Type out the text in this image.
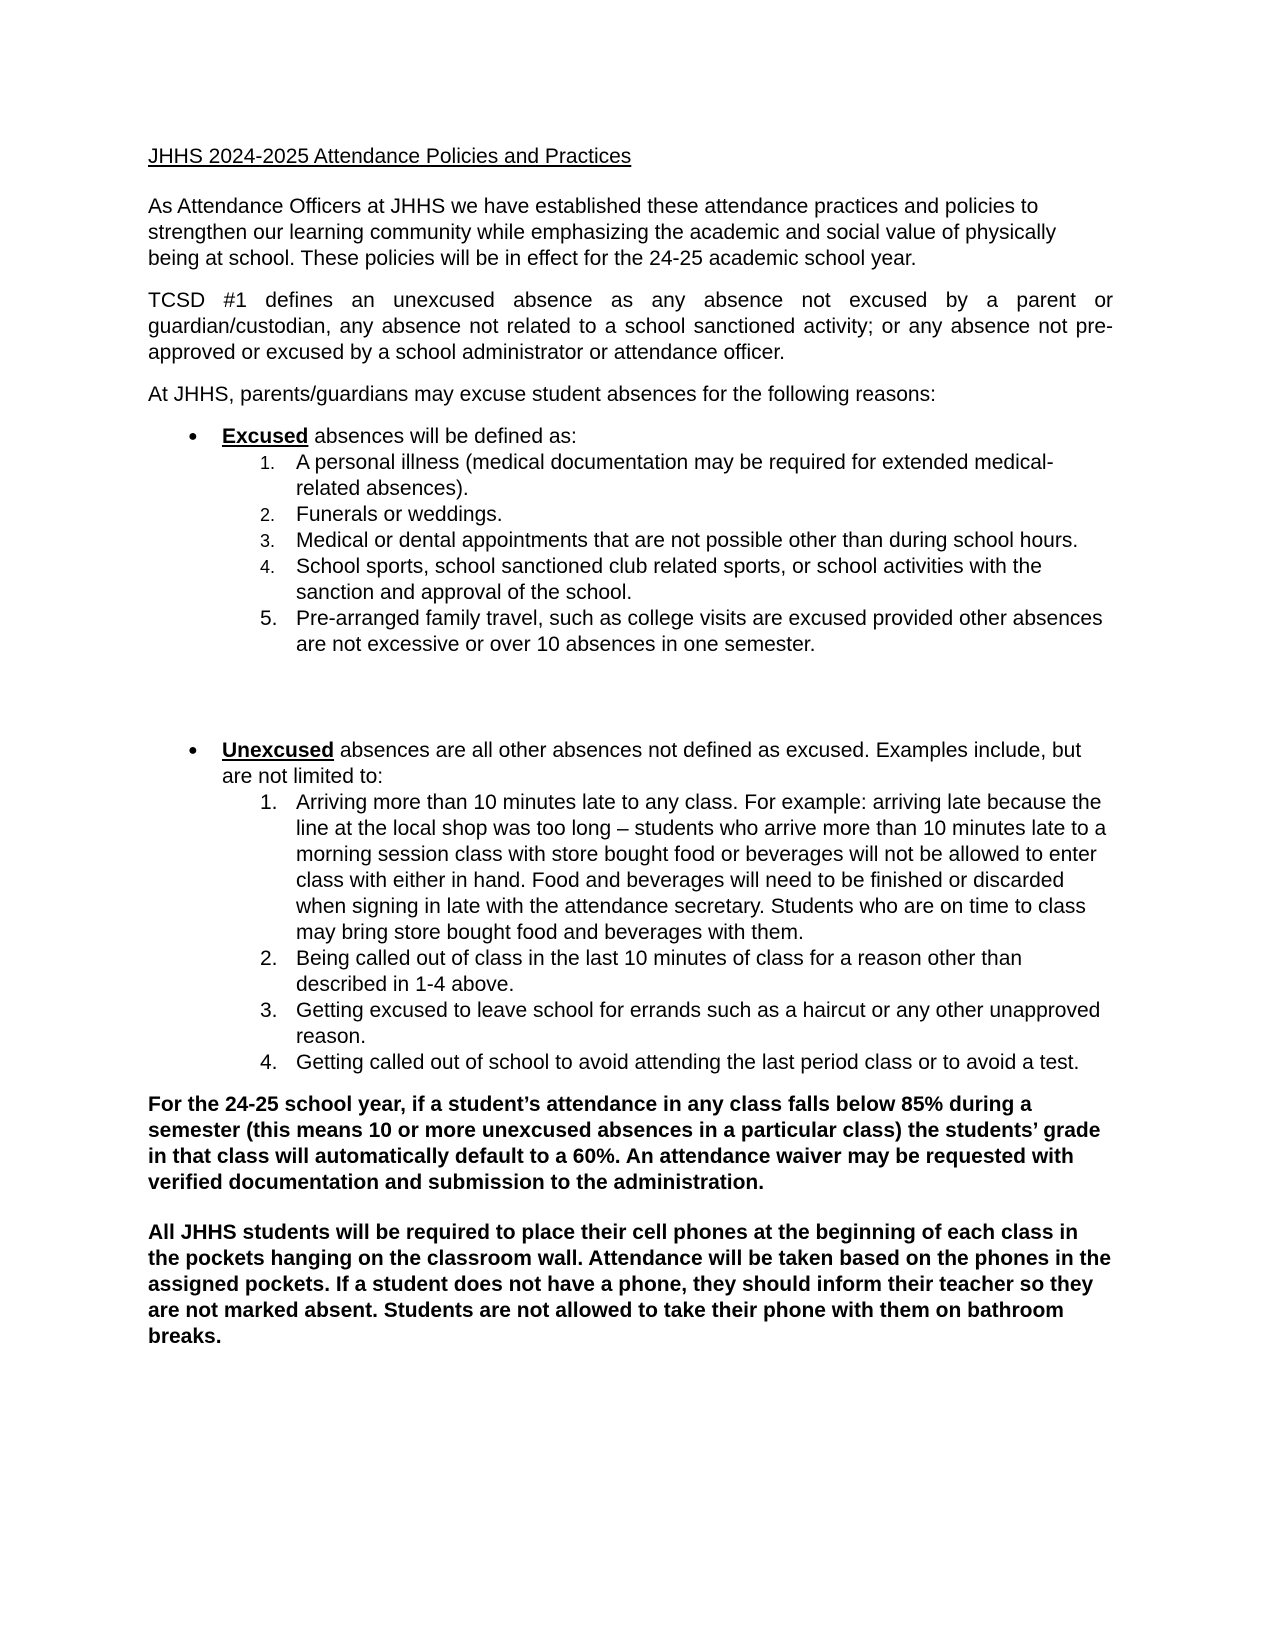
JHHS 2024-2025 Attendance Policies and Practices

As Attendance Officers at JHHS we have established these attendance practices and policies to strengthen our learning community while emphasizing the academic and social value of physically being at school. These policies will be in effect for the 24-25 academic school year.

TCSD #1 defines an unexcused absence as any absence not excused by a parent or guardian/custodian, any absence not related to a school sanctioned activity; or any absence not pre-approved or excused by a school administrator or attendance officer.

At JHHS, parents/guardians may excuse student absences for the following reasons:

● Excused absences will be defined as:
1. A personal illness (medical documentation may be required for extended medical-related absences).
2. Funerals or weddings.
3. Medical or dental appointments that are not possible other than during school hours.
4. School sports, school sanctioned club related sports, or school activities with the sanction and approval of the school.
5. Pre-arranged family travel, such as college visits are excused provided other absences are not excessive or over 10 absences in one semester.
● Unexcused absences are all other absences not defined as excused. Examples include, but are not limited to:
1. Arriving more than 10 minutes late to any class. For example: arriving late because the line at the local shop was too long – students who arrive more than 10 minutes late to a morning session class with store bought food or beverages will not be allowed to enter class with either in hand. Food and beverages will need to be finished or discarded when signing in late with the attendance secretary. Students who are on time to class may bring store bought food and beverages with them.
2. Being called out of class in the last 10 minutes of class for a reason other than described in 1-4 above.
3. Getting excused to leave school for errands such as a haircut or any other unapproved reason.
4. Getting called out of school to avoid attending the last period class or to avoid a test.

For the 24-25 school year, if a student’s attendance in any class falls below 85% during a semester (this means 10 or more unexcused absences in a particular class) the students’ grade in that class will automatically default to a 60%. An attendance waiver may be requested with verified documentation and submission to the administration.

All JHHS students will be required to place their cell phones at the beginning of each class in the pockets hanging on the classroom wall. Attendance will be taken based on the phones in the assigned pockets. If a student does not have a phone, they should inform their teacher so they are not marked absent. Students are not allowed to take their phone with them on bathroom breaks.
